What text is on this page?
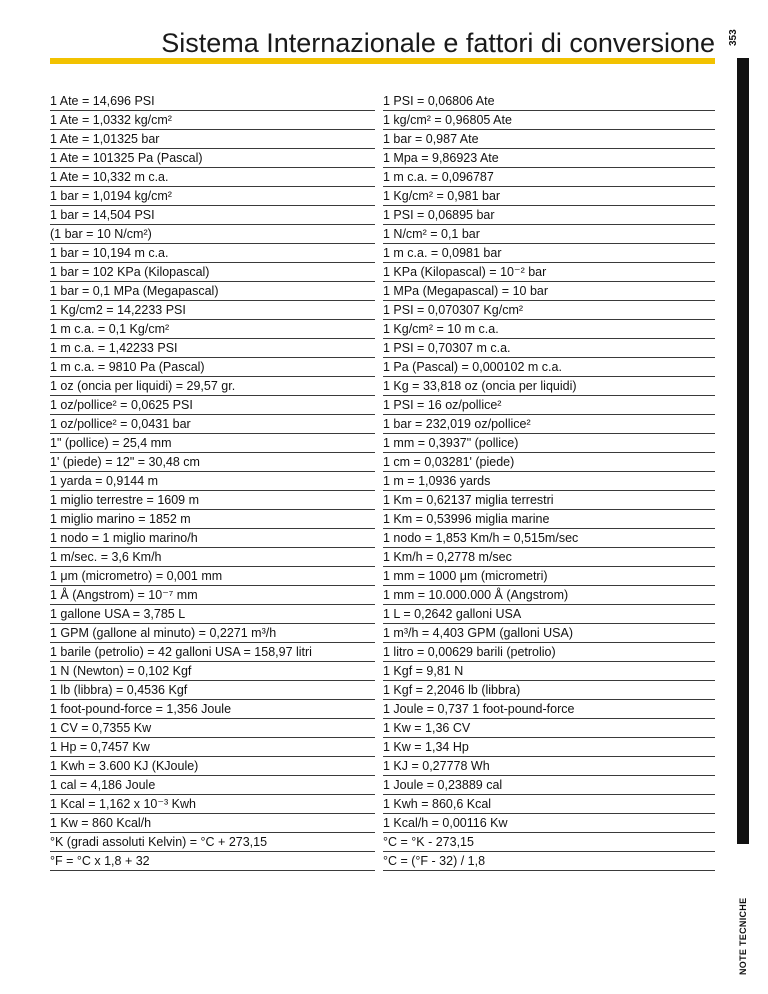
Sistema Internazionale e fattori di conversione 353
NOTE TECNICHE
1 Ate = 14,696 PSI	1 PSI = 0,06806 Ate
1 Ate = 1,0332 kg/cm²	1 kg/cm² = 0,96805 Ate
1 Ate = 1,01325 bar	1 bar = 0,987 Ate
1 Ate = 101325 Pa (Pascal)	1 Mpa = 9,86923 Ate
1 Ate = 10,332 m c.a.	1 m c.a. = 0,096787
1 bar = 1,0194 kg/cm²	1 Kg/cm² = 0,981 bar
1 bar = 14,504 PSI	1 PSI = 0,06895 bar
(1 bar = 10 N/cm²)	1 N/cm² = 0,1 bar
1 bar = 10,194 m c.a.	1 m c.a. = 0,0981 bar
1 bar = 102 KPa (Kilopascal)	1 KPa (Kilopascal) = 10⁻² bar
1 bar = 0,1 MPa (Megapascal)	1 MPa (Megapascal) = 10 bar
1 Kg/cm2 = 14,2233 PSI	1 PSI = 0,070307 Kg/cm²
1 m c.a. = 0,1 Kg/cm²	1 Kg/cm² = 10 m c.a.
1 m c.a. = 1,42233 PSI	1 PSI = 0,70307 m c.a.
1 m c.a. = 9810 Pa (Pascal)	1 Pa (Pascal) = 0,000102 m c.a.
1 oz (oncia per liquidi) = 29,57 gr.	1 Kg = 33,818 oz (oncia per liquidi)
1 oz/pollice² = 0,0625 PSI	1 PSI = 16 oz/pollice²
1 oz/pollice² = 0,0431 bar	1 bar = 232,019 oz/pollice²
1" (pollice) = 25,4 mm	1 mm = 0,3937" (pollice)
1' (piede) = 12" = 30,48 cm	1 cm = 0,03281' (piede)
1 yarda = 0,9144 m	1 m = 1,0936 yards
1 miglio terrestre = 1609 m	1 Km = 0,62137 miglia terrestri
1 miglio marino = 1852 m	1 Km = 0,53996 miglia marine
1 nodo = 1 miglio marino/h	1 nodo = 1,853 Km/h = 0,515m/sec
1 m/sec. = 3,6 Km/h	1 Km/h = 0,2778 m/sec
1 μm (micrometro) = 0,001 mm	1 mm = 1000 μm (micrometri)
1 Å (Angstrom) = 10⁻⁷ mm	1 mm = 10.000.000 Å (Angstrom)
1 gallone USA = 3,785 L	1 L = 0,2642 galloni USA
1 GPM (gallone al minuto) = 0,2271 m³/h	1 m³/h = 4,403 GPM (galloni USA)
1 barile (petrolio) = 42 galloni USA = 158,97 litri	1 litro = 0,00629 barili (petrolio)
1 N (Newton) = 0,102 Kgf	1 Kgf = 9,81 N
1 lb (libbra) = 0,4536 Kgf	1 Kgf = 2,2046 lb (libbra)
1 foot-pound-force = 1,356 Joule	1 Joule = 0,737 1 foot-pound-force
1 CV = 0,7355 Kw	1 Kw = 1,36 CV
1 Hp = 0,7457 Kw	1 Kw = 1,34 Hp
1 Kwh = 3.600 KJ (KJoule)	1 KJ = 0,27778 Wh
1 cal = 4,186 Joule	1 Joule = 0,23889 cal
1 Kcal = 1,162 x 10⁻³ Kwh	1 Kwh = 860,6 Kcal
1 Kw = 860 Kcal/h	1 Kcal/h = 0,00116 Kw
°K (gradi assoluti Kelvin) = °C + 273,15	°C = °K - 273,15
°F = °C x 1,8 + 32	°C = (°F - 32) / 1,8
